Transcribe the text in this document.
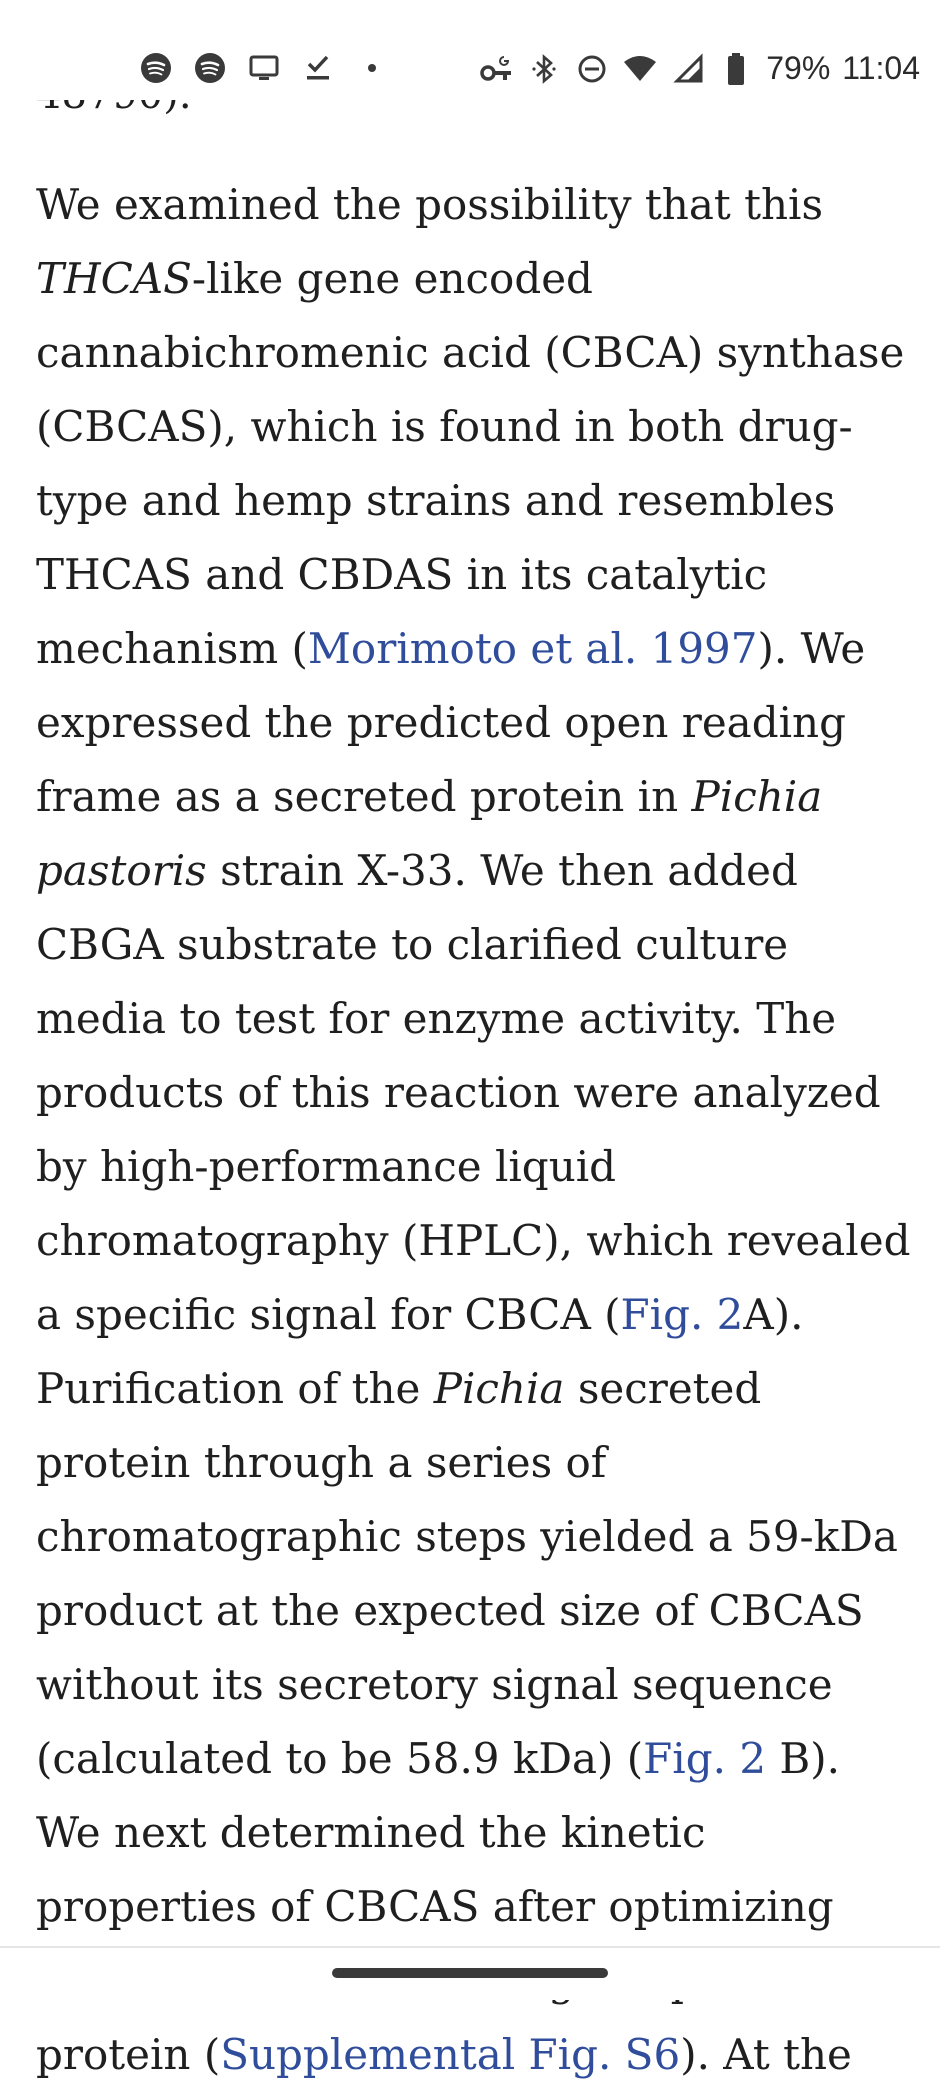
79% 11:04

We examined the possibility that this THCAS-like gene encoded cannabichromenic acid (CBCA) synthase (CBCAS), which is found in both drug-type and hemp strains and resembles THCAS and CBDAS in its catalytic mechanism (Morimoto et al. 1997). We expressed the predicted open reading frame as a secreted protein in Pichia pastoris strain X-33. We then added CBGA substrate to clarified culture media to test for enzyme activity. The products of this reaction were analyzed by high-performance liquid chromatography (HPLC), which revealed a specific signal for CBCA (Fig. 2A). Purification of the Pichia secreted protein through a series of chromatographic steps yielded a 59-kDa product at the expected size of CBCAS without its secretory signal sequence (calculated to be 58.9 kDa) (Fig. 2 B). We next determined the kinetic properties of CBCAS after optimizing protein (Supplemental Fig. S6). At the
